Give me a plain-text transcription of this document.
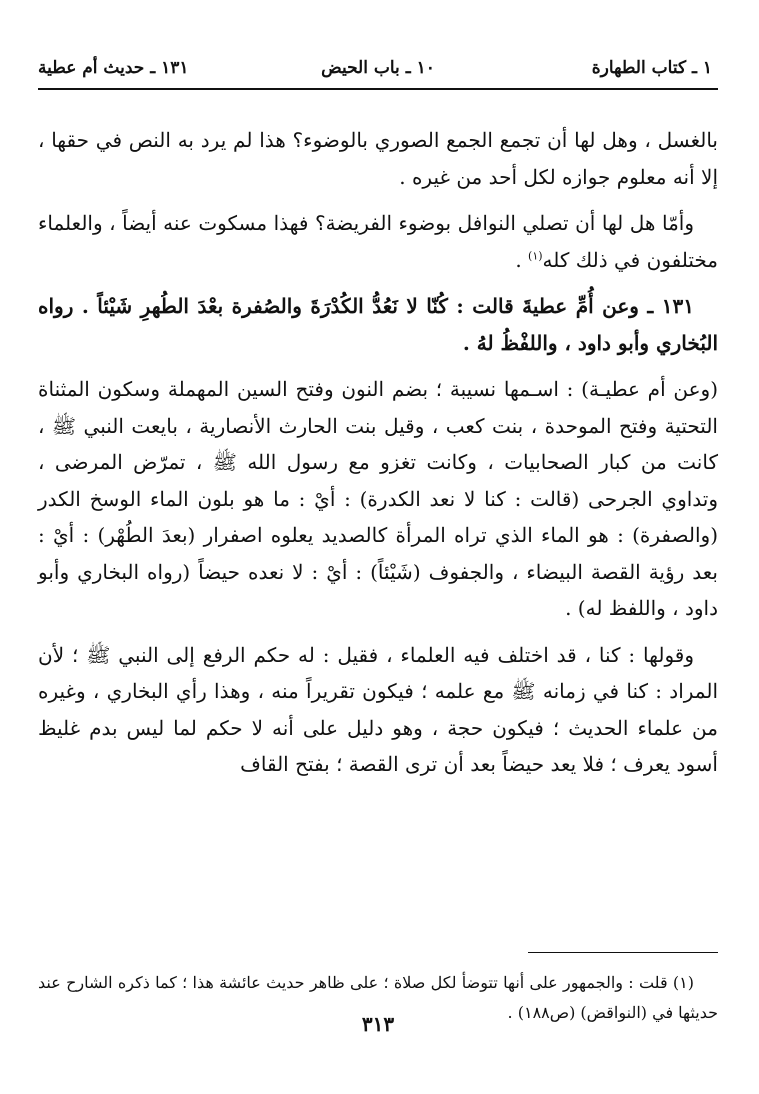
١ ـ كتاب الطهارة
١٠ ـ باب الحيض
١٣١ ـ حديث أم عطية

بالغسل ، وهل لها أن تجمع الجمع الصوري بالوضوء؟ هذا لم يرد به النص في حقها ، إلا أنه معلوم جوازه لكل أحد من غيره .

وأمّا هل لها أن تصلي النوافل بوضوء الفريضة؟ فهذا مسكوت عنه أيضاً ، والعلماء مختلفون في ذلك كله$^{(١)}$ .

١٣١ ـ وعن أُمِّ عطيةَ قالت : كُنّا لا نَعُدُّ الكُدْرَةَ والصُفرة بعْدَ الطُهرِ شَيْئاً . رواه البُخاري وأبو داود ، واللفْظُ لهُ .

(وعن أم عطيـة) : اسـمها نسيبة ؛ بضم النون وفتح السين المهملة وسكون المثناة التحتية وفتح الموحدة ، بنت كعب ، وقيل بنت الحارث الأنصارية ، بايعت النبي ﷺ ، كانت من كبار الصحابيات ، وكانت تغزو مع رسول الله ﷺ ، تمرّض المرضى ، وتداوي الجرحى (قالت : كنا لا نعد الكدرة) : أيْ : ما هو بلون الماء الوسخ الكدر (والصفرة) : هو الماء الذي تراه المرأة كالصديد يعلوه اصفرار (بعدَ الطُهْر) : أيْ : بعد رؤية القصة البيضاء ، والجفوف (شَيْئاً) : أيْ : لا نعده حيضاً (رواه البخاري وأبو داود ، واللفظ له) .

وقولها : كنا ، قد اختلف فيه العلماء ، فقيل : له حكم الرفع إلى النبي ﷺ ؛ لأن المراد : كنا في زمانه ﷺ مع علمه ؛ فيكون تقريراً منه ، وهذا رأي البخاري ، وغيره من علماء الحديث ؛ فيكون حجة ، وهو دليل على أنه لا حكم لما ليس بدم غليظ أسود يعرف ؛ فلا يعد حيضاً بعد أن ترى القصة ؛ بفتح القاف

(١) قلت : والجمهور على أنها تتوضأ لكل صلاة ؛ على ظاهر حديث عائشة هذا ؛ كما ذكره الشارح عند حديثها في (النواقض) (ص١٨٨) .
٣١٣
